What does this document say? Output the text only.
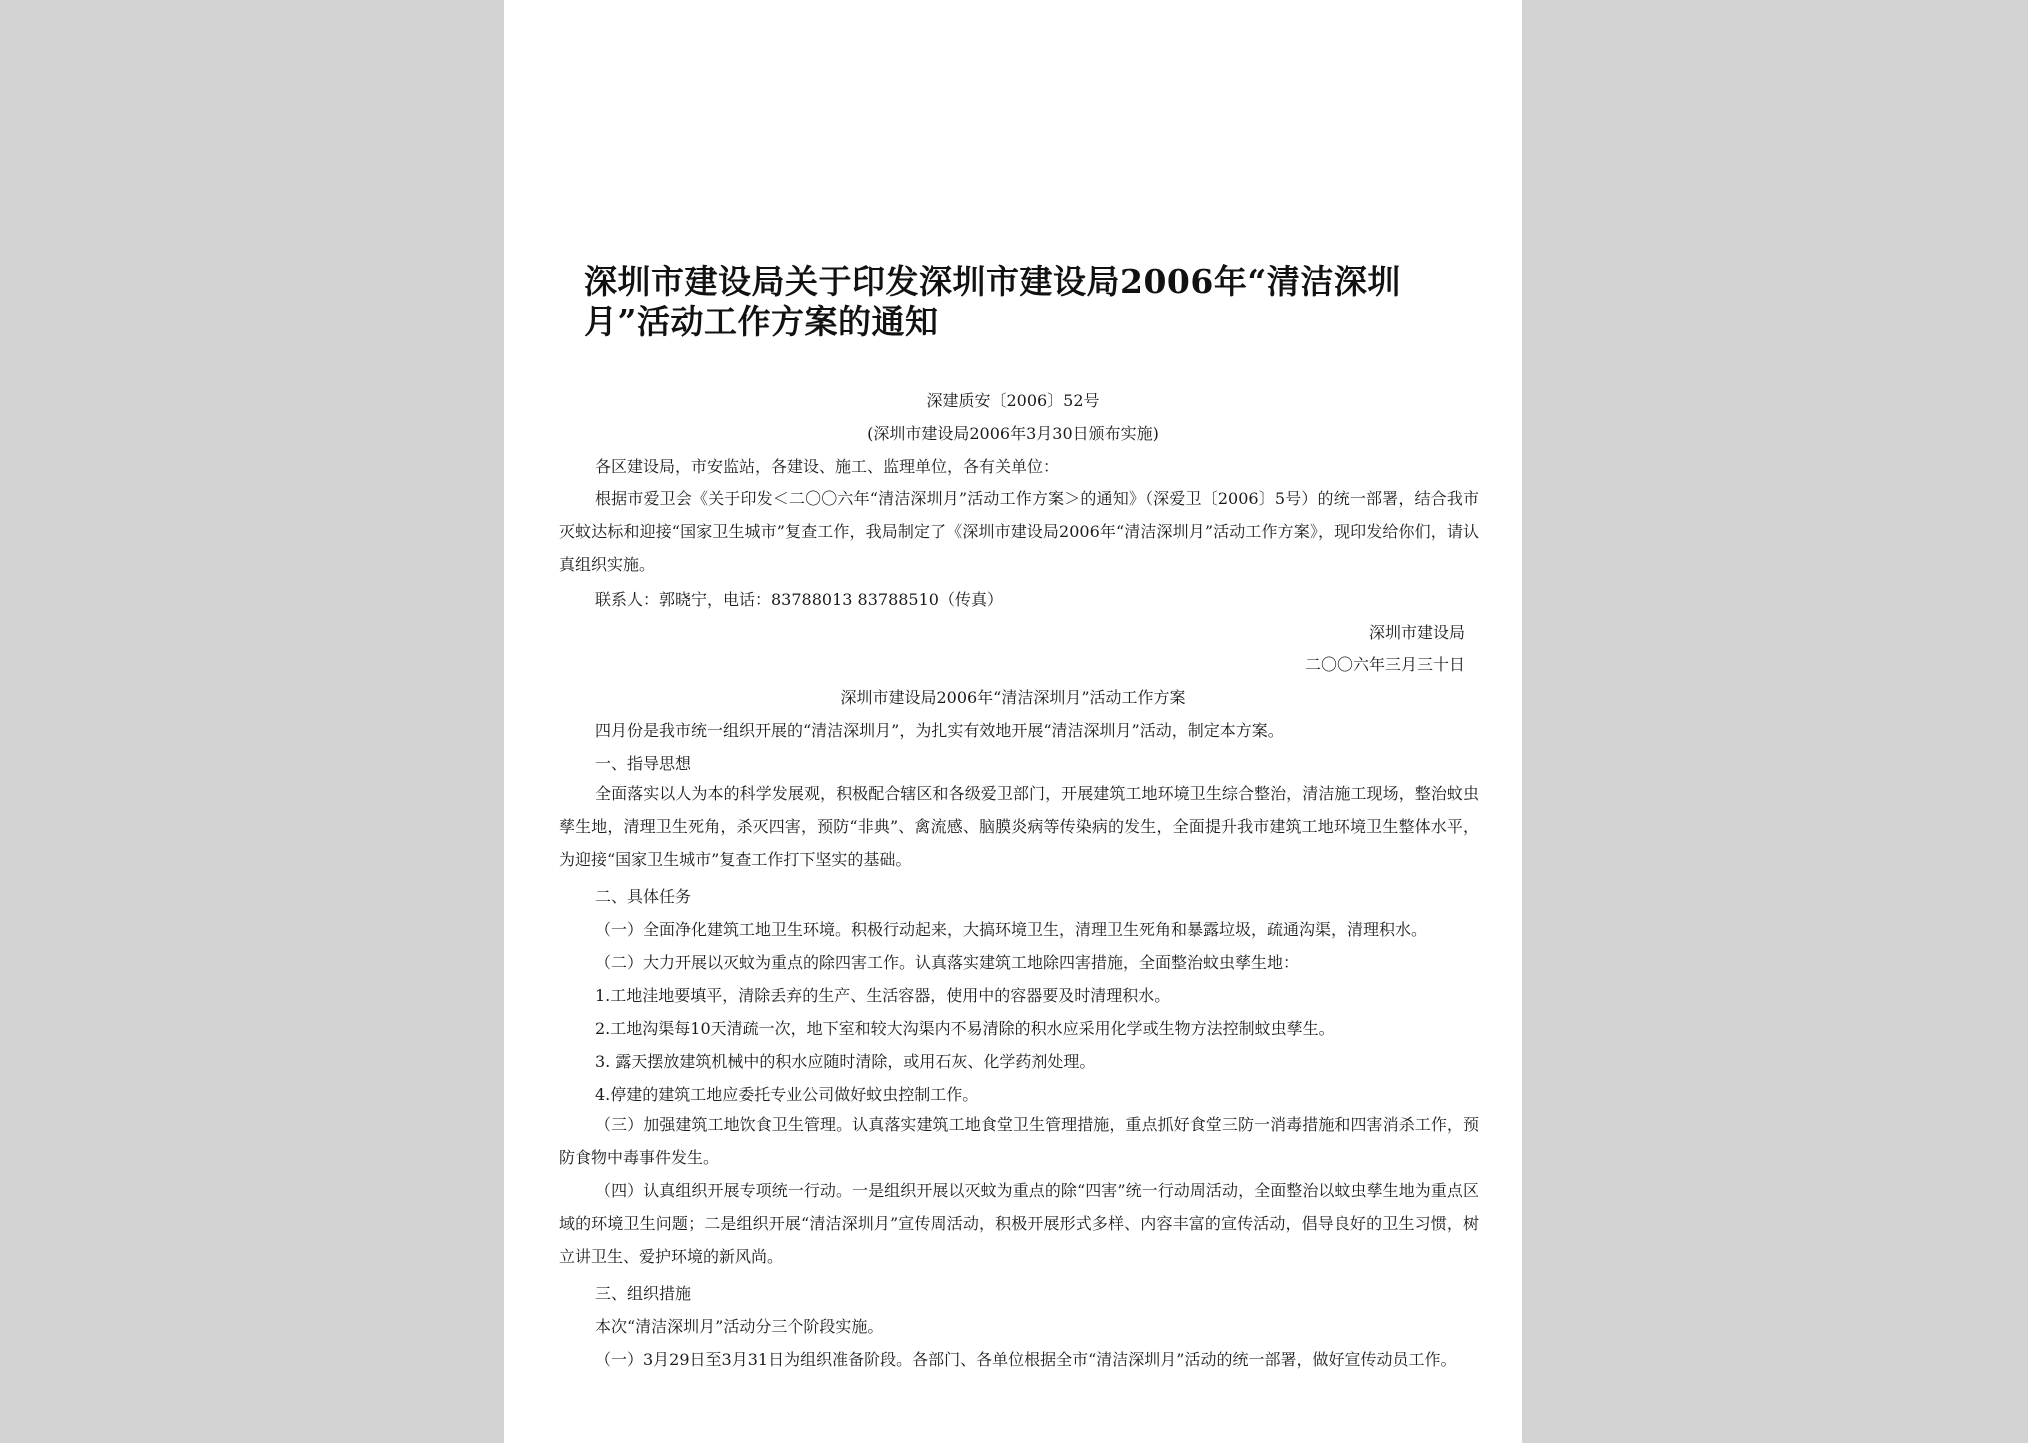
深圳市建设局关于印发深圳市建设局2006年“清洁深圳月”活动工作方案的通知

深建质安〔2006〕52号

(深圳市建设局2006年3月30日颁布实施)

各区建设局，市安监站，各建设、施工、监理单位，各有关单位：

根据市爱卫会《关于印发＜二〇〇六年“清洁深圳月”活动工作方案＞的通知》（深爱卫〔2006〕5号）的统一部署，结合我市灭蚊达标和迎接“国家卫生城市”复查工作，我局制定了《深圳市建设局2006年“清洁深圳月”活动工作方案》，现印发给你们，请认真组织实施。

联系人：郭晓宁，电话：83788013 83788510（传真）

深圳市建设局

二〇〇六年三月三十日

深圳市建设局2006年“清洁深圳月”活动工作方案

四月份是我市统一组织开展的“清洁深圳月”，为扎实有效地开展“清洁深圳月”活动，制定本方案。

一、指导思想

全面落实以人为本的科学发展观，积极配合辖区和各级爱卫部门，开展建筑工地环境卫生综合整治，清洁施工现场，整治蚊虫孳生地，清理卫生死角，杀灭四害，预防“非典”、禽流感、脑膜炎病等传染病的发生，全面提升我市建筑工地环境卫生整体水平，为迎接“国家卫生城市”复查工作打下坚实的基础。

二、具体任务

（一）全面净化建筑工地卫生环境。积极行动起来，大搞环境卫生，清理卫生死角和暴露垃圾，疏通沟渠，清理积水。

（二）大力开展以灭蚊为重点的除四害工作。认真落实建筑工地除四害措施，全面整治蚊虫孳生地：

1.工地洼地要填平，清除丢弃的生产、生活容器，使用中的容器要及时清理积水。

2.工地沟渠每10天清疏一次，地下室和较大沟渠内不易清除的积水应采用化学或生物方法控制蚊虫孳生。

3. 露天摆放建筑机械中的积水应随时清除，或用石灰、化学药剂处理。

4.停建的建筑工地应委托专业公司做好蚊虫控制工作。

（三）加强建筑工地饮食卫生管理。认真落实建筑工地食堂卫生管理措施，重点抓好食堂三防一消毒措施和四害消杀工作，预防食物中毒事件发生。

（四）认真组织开展专项统一行动。一是组织开展以灭蚊为重点的除“四害”统一行动周活动，全面整治以蚊虫孳生地为重点区域的环境卫生问题；二是组织开展“清洁深圳月”宣传周活动，积极开展形式多样、内容丰富的宣传活动，倡导良好的卫生习惯，树立讲卫生、爱护环境的新风尚。

三、组织措施

本次“清洁深圳月”活动分三个阶段实施。

（一）3月29日至3月31日为组织准备阶段。各部门、各单位根据全市“清洁深圳月”活动的统一部署，做好宣传动员工作。
